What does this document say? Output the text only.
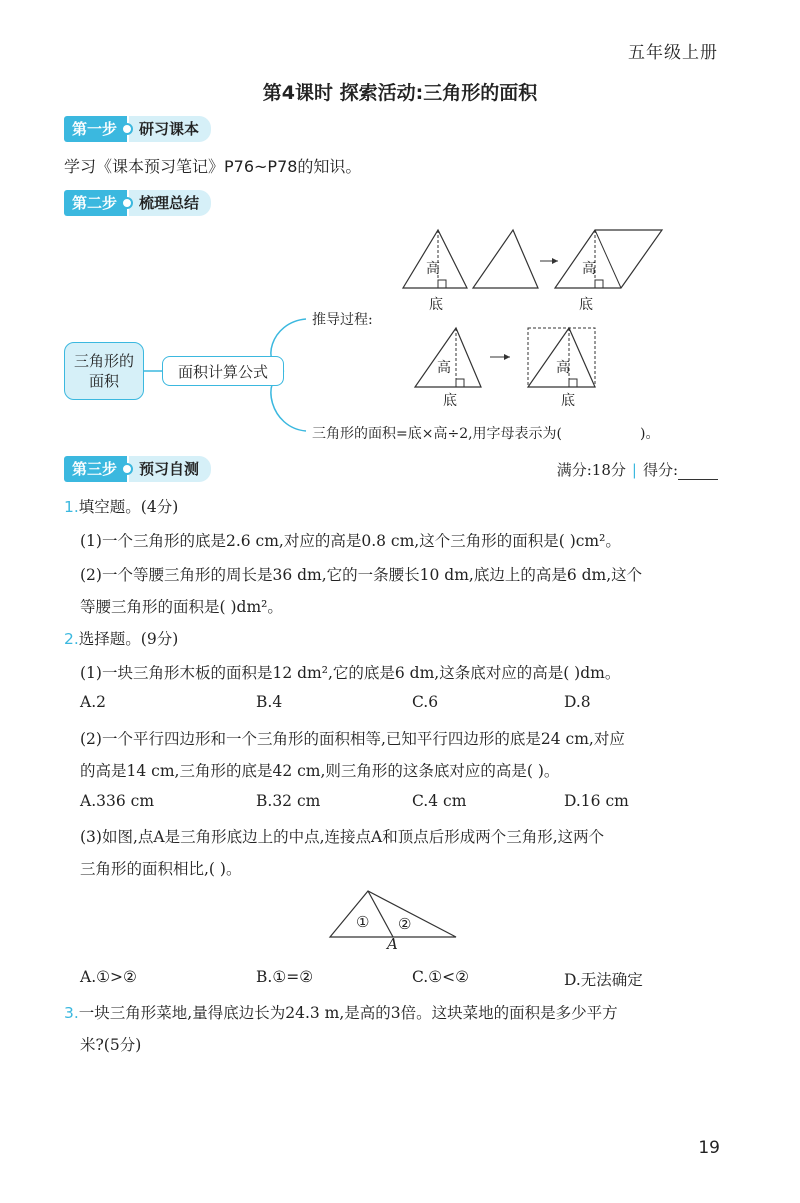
五年级上册
第4课时 探索活动:三角形的面积
第一步	研习课本
学习《课本预习笔记》P76~P78的知识。
第二步	梳理总结
三角形的面积
面积计算公式
推导过程:
高
底
高
底
高
底
高
底
三角形的面积=底×高÷2,用字母表示为(	)。
第三步	预习自测	满分:18分 | 得分:
1.填空题。(4分)
(1)一个三角形的底是2.6 cm,对应的高是0.8 cm,这个三角形的面积是( )cm²。
(2)一个等腰三角形的周长是36 dm,它的一条腰长10 dm,底边上的高是6 dm,这个
等腰三角形的面积是( )dm²。
2.选择题。(9分)
(1)一块三角形木板的面积是12 dm²,它的底是6 dm,这条底对应的高是( )dm。
A.2	B.4	C.6	D.8
(2)一个平行四边形和一个三角形的面积相等,已知平行四边形的底是24 cm,对应
的高是14 cm,三角形的底是42 cm,则三角形的这条底对应的高是( )。
A.336 cm	B.32 cm	C.4 cm	D.16 cm
(3)如图,点A是三角形底边上的中点,连接点A和顶点后形成两个三角形,这两个
三角形的面积相比,( )。
① ②
A
A.①>②	B.①=②	C.①<②	D.无法确定
3.一块三角形菜地,量得底边长为24.3 m,是高的3倍。这块菜地的面积是多少平方
米?(5分)
19
